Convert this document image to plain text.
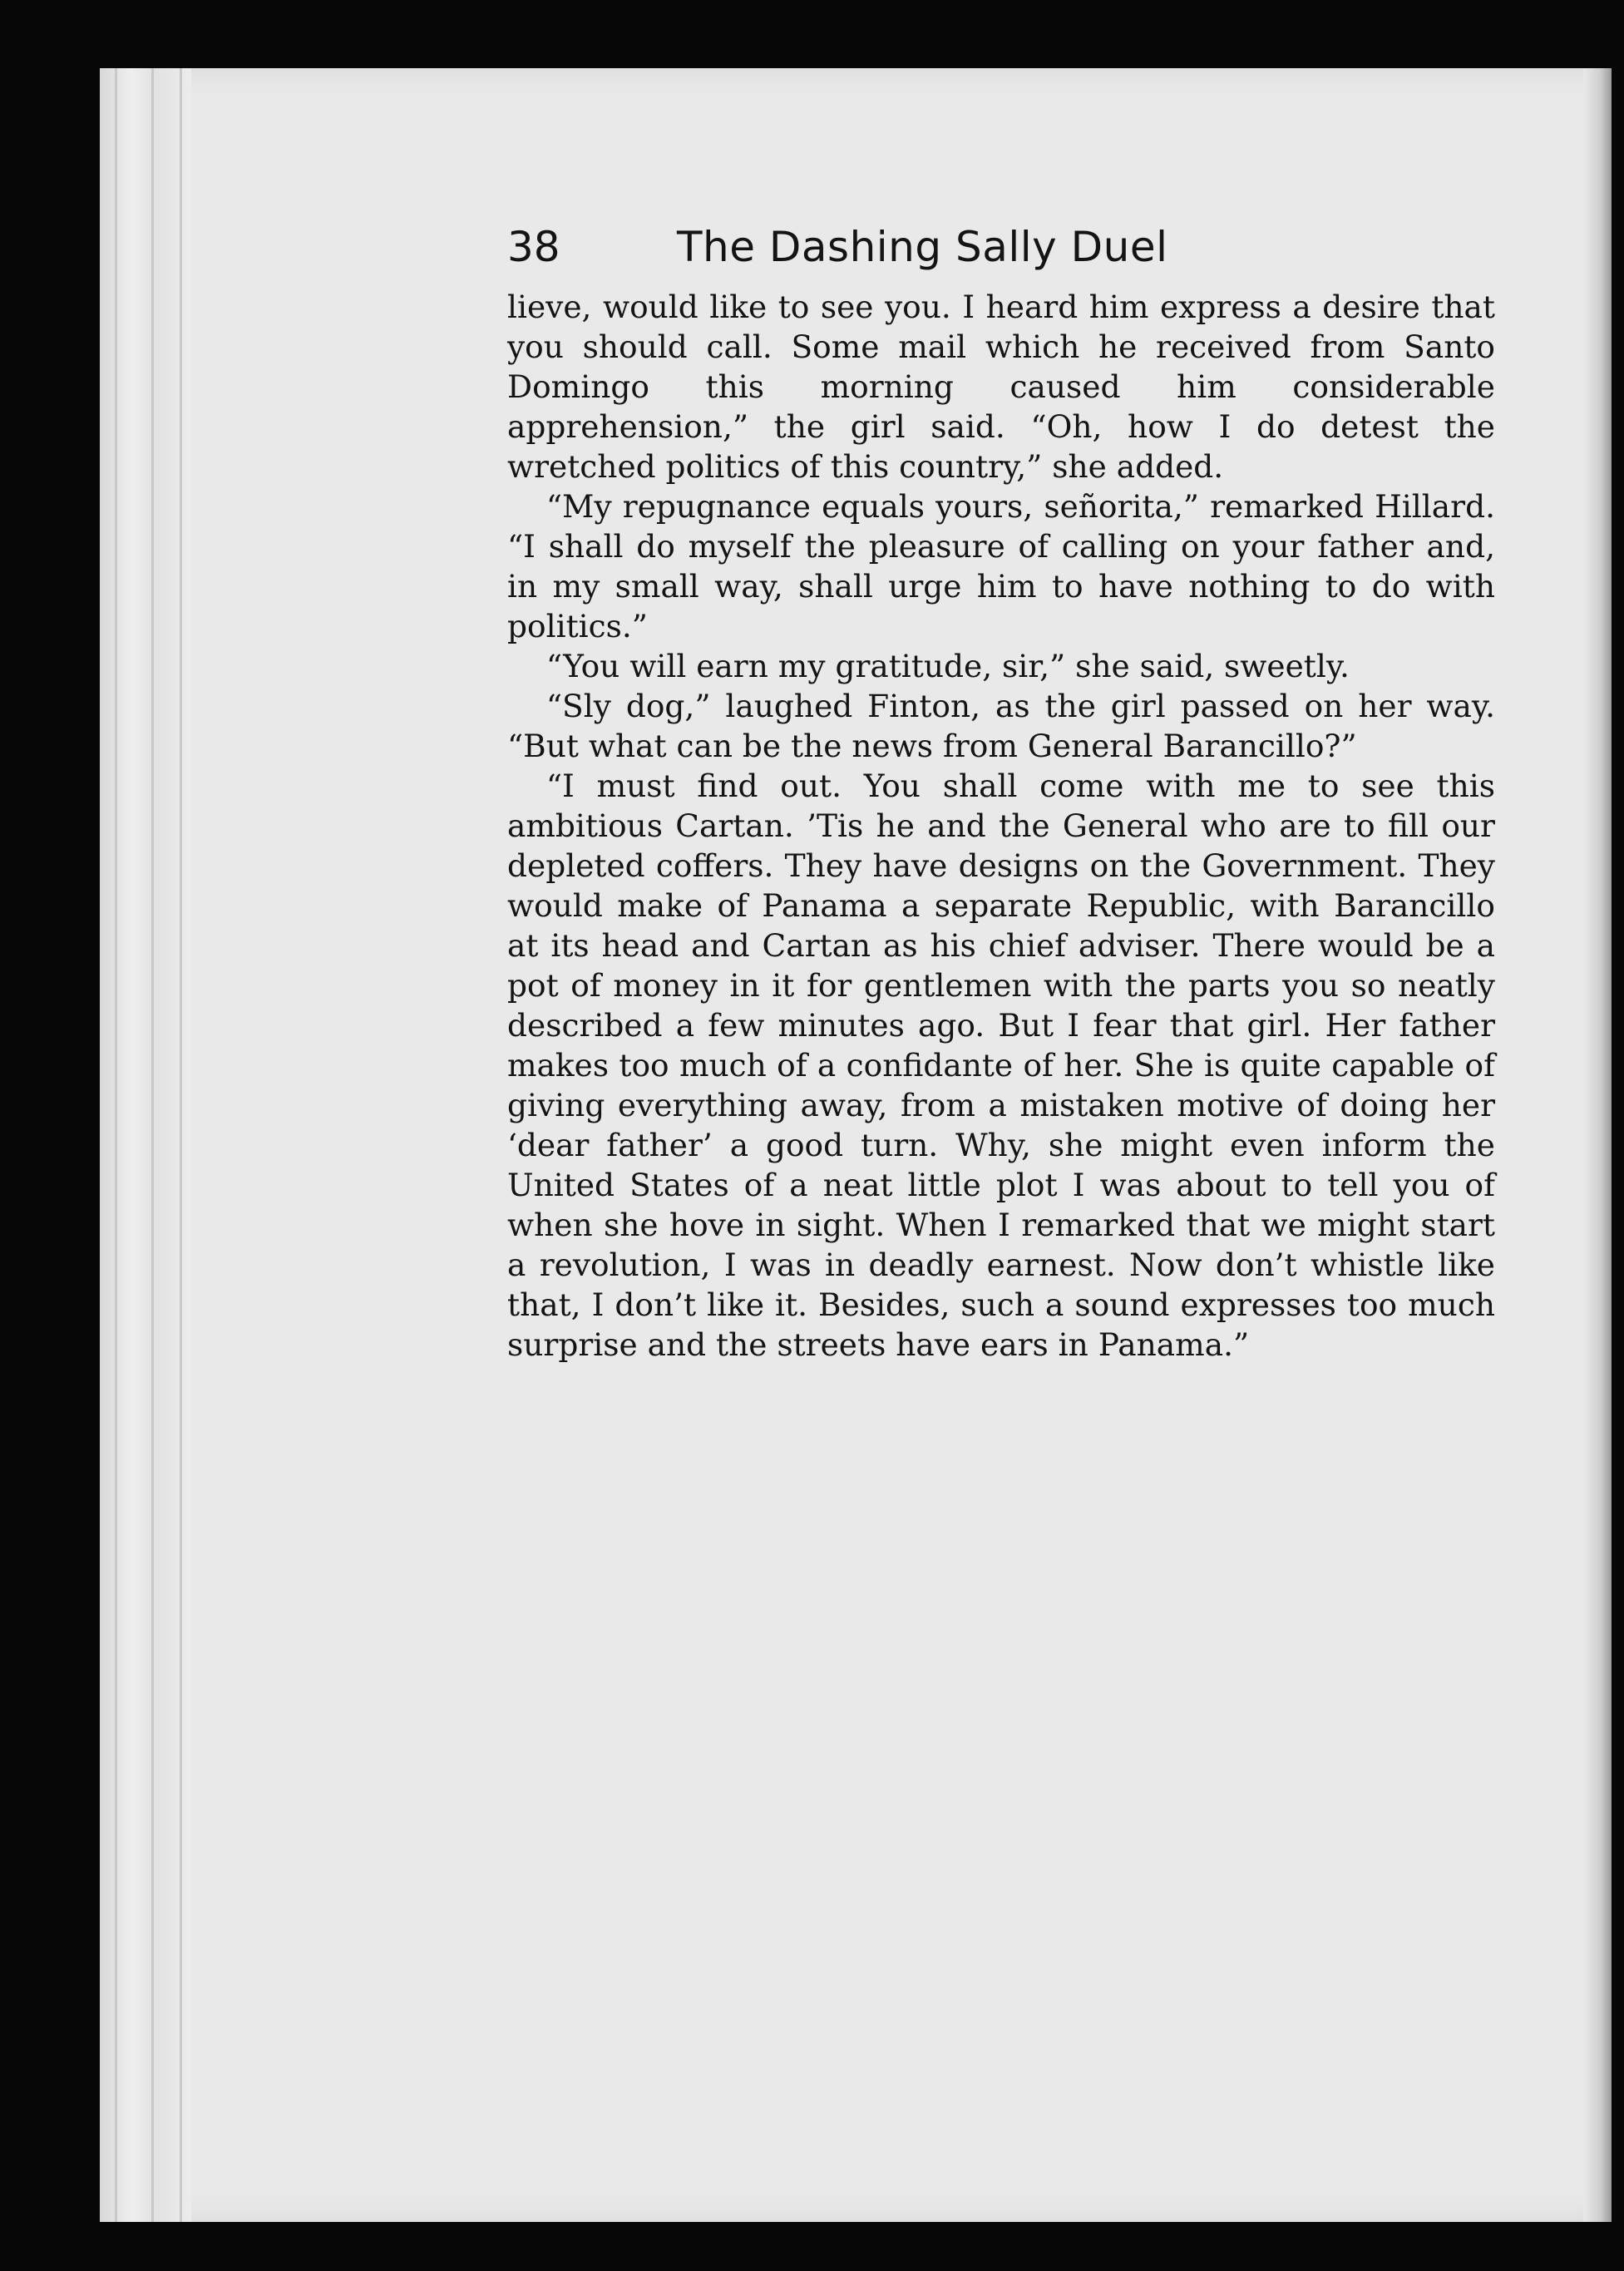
38	The Dashing Sally Duel

lieve, would like to see you. I heard him express a desire that you should call. Some mail which he received from Santo Domingo this morning caused him considerable apprehension,” the girl said. “Oh, how I do detest the wretched politics of this country,” she added.

“My repugnance equals yours, señorita,” remarked Hillard. “I shall do myself the pleasure of calling on your father and, in my small way, shall urge him to have nothing to do with politics.”

“You will earn my gratitude, sir,” she said, sweetly.

“Sly dog,” laughed Finton, as the girl passed on her way. “But what can be the news from General Barancillo?”

“I must find out. You shall come with me to see this ambitious Cartan. ’Tis he and the General who are to fill our depleted coffers. They have designs on the Government. They would make of Panama a separate Republic, with Barancillo at its head and Cartan as his chief adviser. There would be a pot of money in it for gentlemen with the parts you so neatly described a few minutes ago. But I fear that girl. Her father makes too much of a confidante of her. She is quite capable of giving everything away, from a mistaken motive of doing her ‘dear father’ a good turn. Why, she might even inform the United States of a neat little plot I was about to tell you of when she hove in sight. When I remarked that we might start a revolution, I was in deadly earnest. Now don’t whistle like that, I don’t like it. Besides, such a sound expresses too much surprise and the streets have ears in Panama.”
